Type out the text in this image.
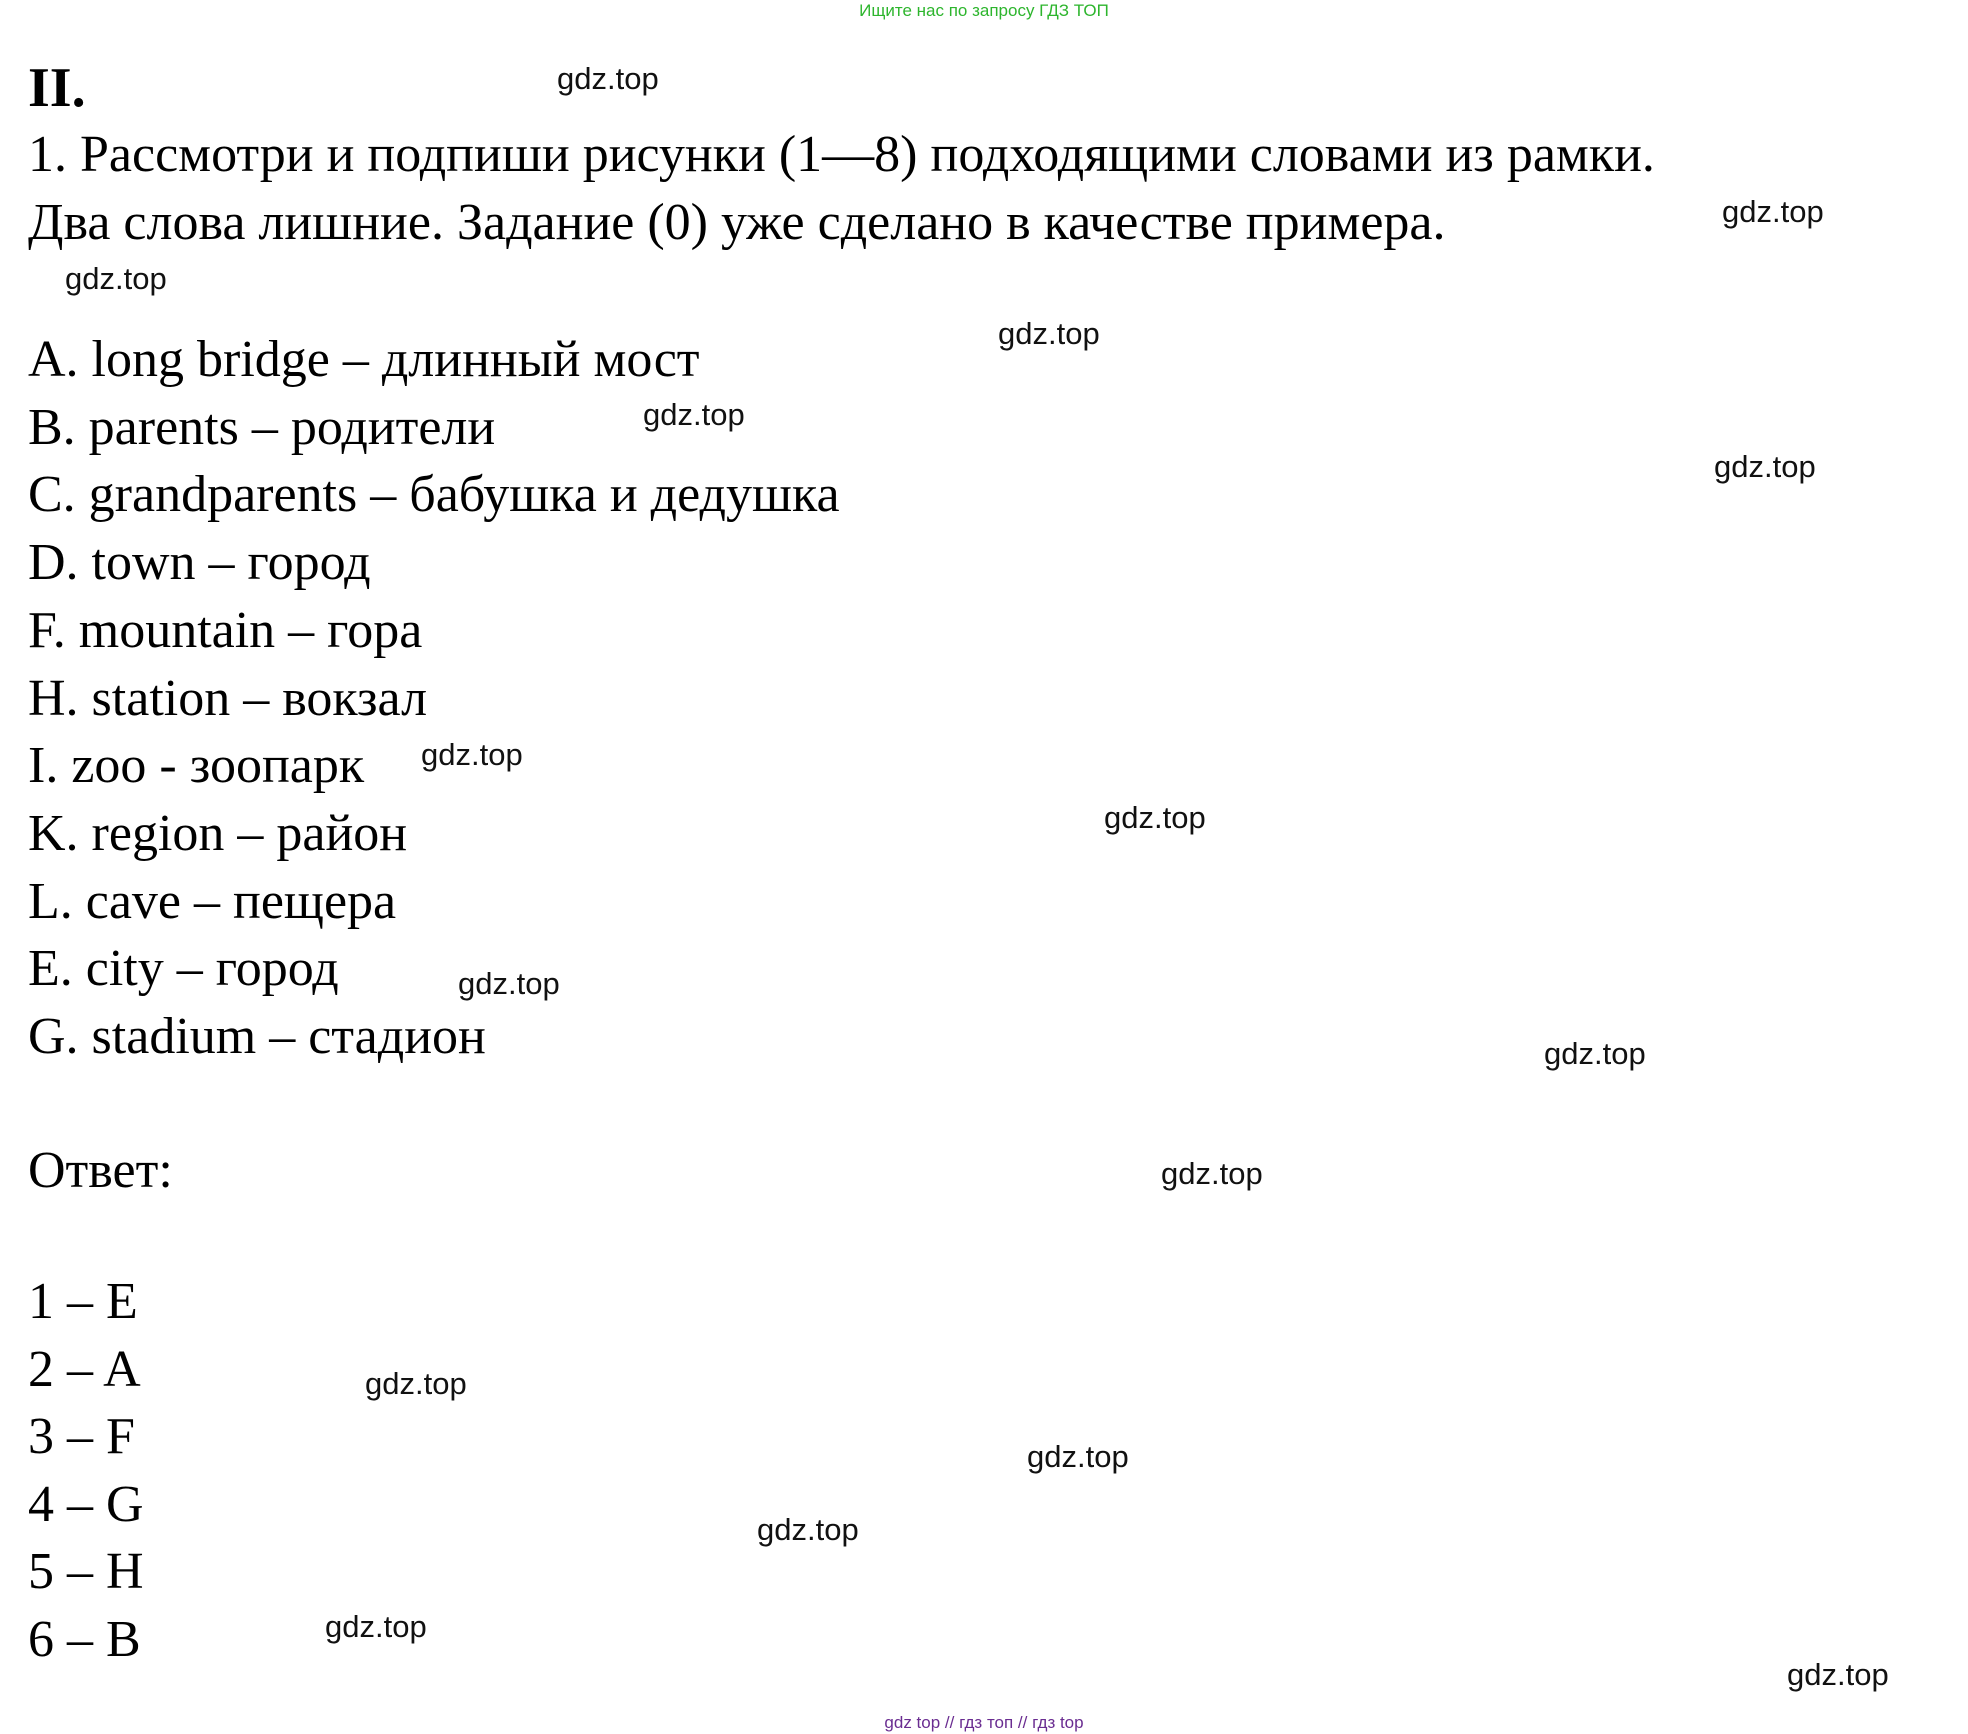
Ищите нас по запросу ГДЗ ТОП
II.
1. Рассмотри и подпиши рисунки (1—8) подходящими словами из рамки.
Два слова лишние. Задание (0) уже сделано в качестве примера.
A. long bridge – длинный мост
B. parents – родители
C. grandparents – бабушка и дедушка
D. town – город
F. mountain – гора
H. station – вокзал
I. zoo - зоопарк
K. region – район
L. cave – пещера
E. city – город
G. stadium – стадион
Ответ:
1 – E
2 – A
3 – F
4 – G
5 – H
6 – B
gdz.top
gdz.top
gdz.top
gdz.top
gdz.top
gdz.top
gdz.top
gdz.top
gdz.top
gdz.top
gdz.top
gdz.top
gdz.top
gdz.top
gdz.top
gdz.top
gdz top // гдз топ // гдз top
